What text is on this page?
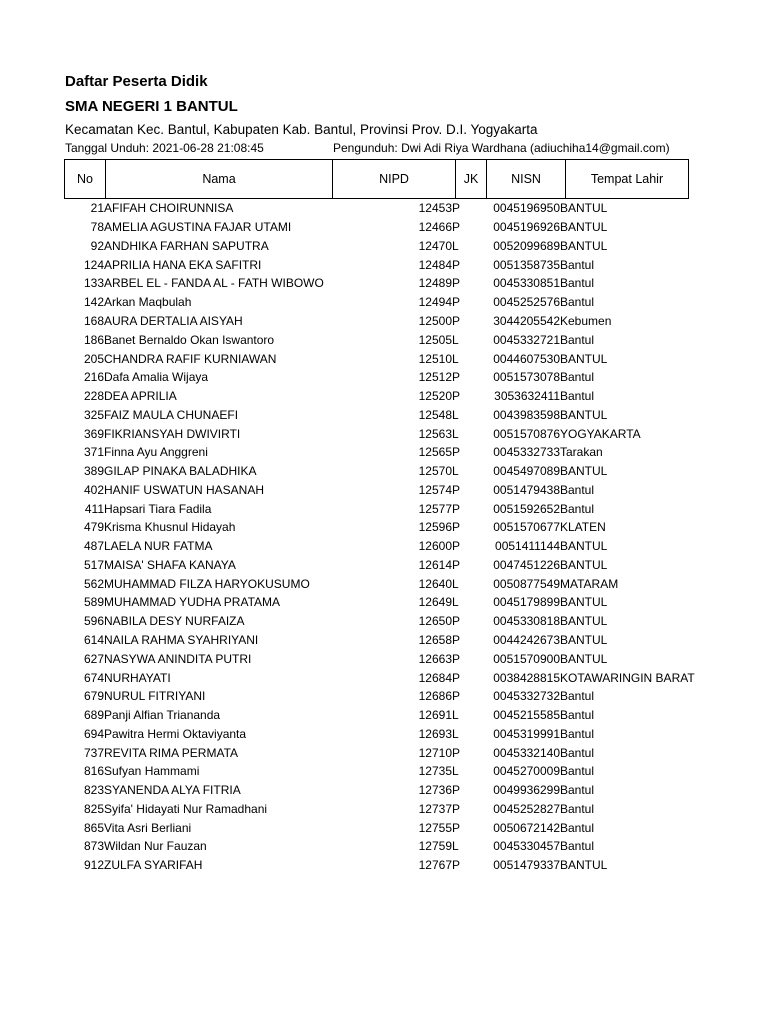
Daftar Peserta Didik
SMA NEGERI 1 BANTUL
Kecamatan Kec. Bantul, Kabupaten Kab. Bantul, Provinsi Prov. D.I. Yogyakarta
Tanggal Unduh: 2021-06-28 21:08:45	Pengunduh: Dwi Adi Riya Wardhana (adiuchiha14@gmail.com)
No	Nama	NIPD	JK	NISN	Tempat Lahir
21	AFIFAH CHOIRUNNISA	12453	P	0045196950	BANTUL
78	AMELIA AGUSTINA FAJAR UTAMI	12466	P	0045196926	BANTUL
92	ANDHIKA FARHAN SAPUTRA	12470	L	0052099689	BANTUL
124	APRILIA HANA EKA SAFITRI	12484	P	0051358735	Bantul
133	ARBEL EL - FANDA AL - FATH WIBOWO	12489	P	0045330851	Bantul
142	Arkan Maqbulah	12494	P	0045252576	Bantul
168	AURA DERTALIA AISYAH	12500	P	3044205542	Kebumen
186	Banet Bernaldo Okan Iswantoro	12505	L	0045332721	Bantul
205	CHANDRA RAFIF KURNIAWAN	12510	L	0044607530	BANTUL
216	Dafa Amalia Wijaya	12512	P	0051573078	Bantul
228	DEA APRILIA	12520	P	3053632411	Bantul
325	FAIZ MAULA CHUNAEFI	12548	L	0043983598	BANTUL
369	FIKRIANSYAH DWIVIRTI	12563	L	0051570876	YOGYAKARTA
371	Finna Ayu Anggreni	12565	P	0045332733	Tarakan
389	GILAP PINAKA BALADHIKA	12570	L	0045497089	BANTUL
402	HANIF USWATUN HASANAH	12574	P	0051479438	Bantul
411	Hapsari Tiara Fadila	12577	P	0051592652	Bantul
479	Krisma Khusnul Hidayah	12596	P	0051570677	KLATEN
487	LAELA NUR FATMA	12600	P	0051411144	BANTUL
517	MAISA' SHAFA KANAYA	12614	P	0047451226	BANTUL
562	MUHAMMAD FILZA HARYOKUSUMO	12640	L	0050877549	MATARAM
589	MUHAMMAD YUDHA PRATAMA	12649	L	0045179899	BANTUL
596	NABILA DESY NURFAIZA	12650	P	0045330818	BANTUL
614	NAILA RAHMA SYAHRIYANI	12658	P	0044242673	BANTUL
627	NASYWA ANINDITA PUTRI	12663	P	0051570900	BANTUL
674	NURHAYATI	12684	P	0038428815	KOTAWARINGIN BARAT
679	NURUL FITRIYANI	12686	P	0045332732	Bantul
689	Panji Alfian Triananda	12691	L	0045215585	Bantul
694	Pawitra Hermi Oktaviyanta	12693	L	0045319991	Bantul
737	REVITA RIMA PERMATA	12710	P	0045332140	Bantul
816	Sufyan Hammami	12735	L	0045270009	Bantul
823	SYANENDA ALYA FITRIA	12736	P	0049936299	Bantul
825	Syifa' Hidayati Nur Ramadhani	12737	P	0045252827	Bantul
865	Vita Asri Berliani	12755	P	0050672142	Bantul
873	Wildan Nur Fauzan	12759	L	0045330457	Bantul
912	ZULFA SYARIFAH	12767	P	0051479337	BANTUL
